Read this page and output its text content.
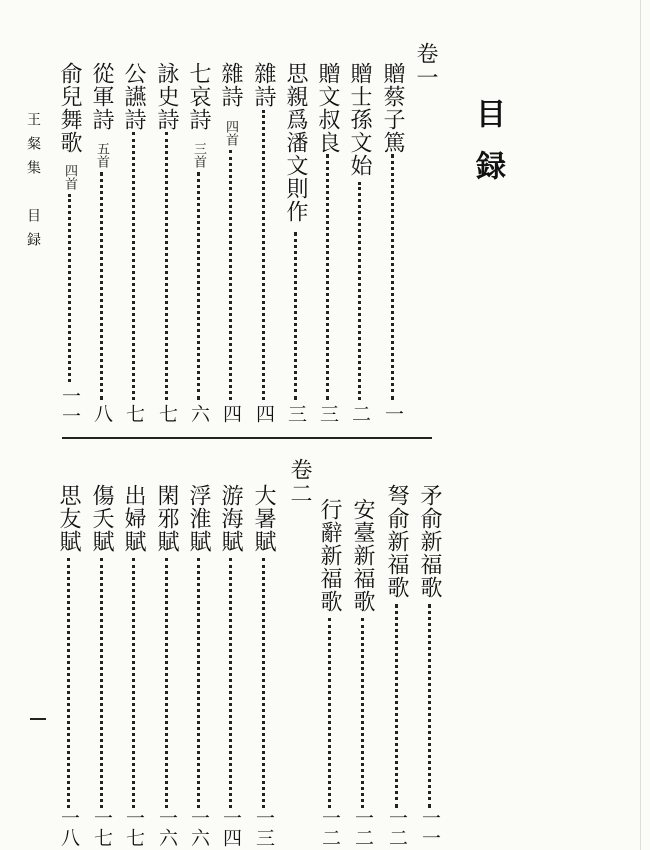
目録
王粲集　目録
卷一
卷二
贈蔡子篤
一
贈士孫文始
二
贈文叔良
三
思親爲潘文則作
三
雜詩
四
雜詩
四首
四
七哀詩
三首
六
詠史詩
七
公讌詩
七
從軍詩
五首
八
俞兒舞歌
四首
一一
矛俞新福歌
一一
弩俞新福歌
一二
安臺新福歌
一二
行辭新福歌
一二
大暑賦
一三
游海賦
一四
浮淮賦
一六
閑邪賦
一六
出婦賦
一七
傷夭賦
一七
思友賦
一八
